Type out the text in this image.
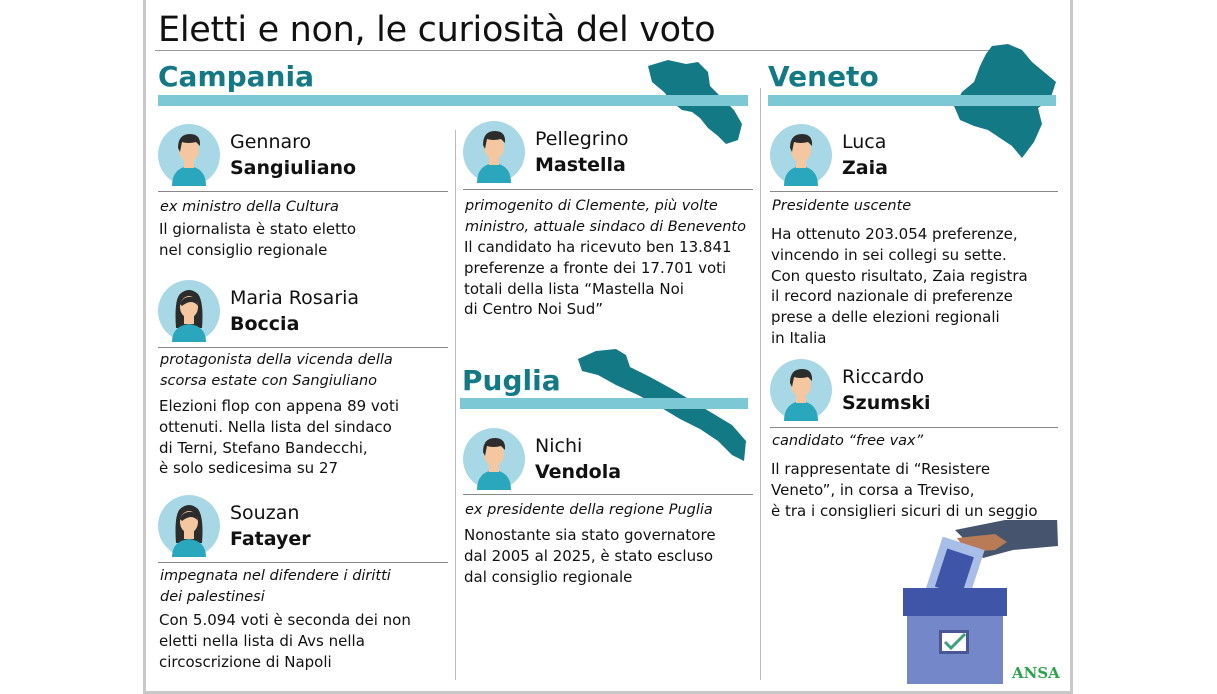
Eletti e non, le curiosità del voto
Campania	Veneto
Puglia
Gennaro
Sangiuliano
ex ministro della Cultura
Il giornalista è stato eletto
nel consiglio regionale
Maria Rosaria
Boccia
protagonista della vicenda della
scorsa estate con Sangiuliano
Elezioni flop con appena 89 voti
ottenuti. Nella lista del sindaco
di Terni, Stefano Bandecchi,
è solo sedicesima su 27
Souzan
Fatayer
impegnata nel difendere i diritti
dei palestinesi
Con 5.094 voti è seconda dei non
eletti nella lista di Avs nella
circoscrizione di Napoli
Pellegrino
Mastella
primogenito di Clemente, più volte
ministro, attuale sindaco di Benevento
Il candidato ha ricevuto ben 13.841
preferenze a fronte dei 17.701 voti
totali della lista “Mastella Noi
di Centro Noi Sud”
Nichi
Vendola
ex presidente della regione Puglia
Nonostante sia stato governatore
dal 2005 al 2025, è stato escluso
dal consiglio regionale
Luca
Zaia
Presidente uscente
Ha ottenuto 203.054 preferenze,
vincendo in sei collegi su sette.
Con questo risultato, Zaia registra
il record nazionale di preferenze
prese a delle elezioni regionali
in Italia
Riccardo
Szumski
candidato “free vax”
Il rappresentate di “Resistere
Veneto”, in corsa a Treviso,
è tra i consiglieri sicuri di un seggio
ANSA
